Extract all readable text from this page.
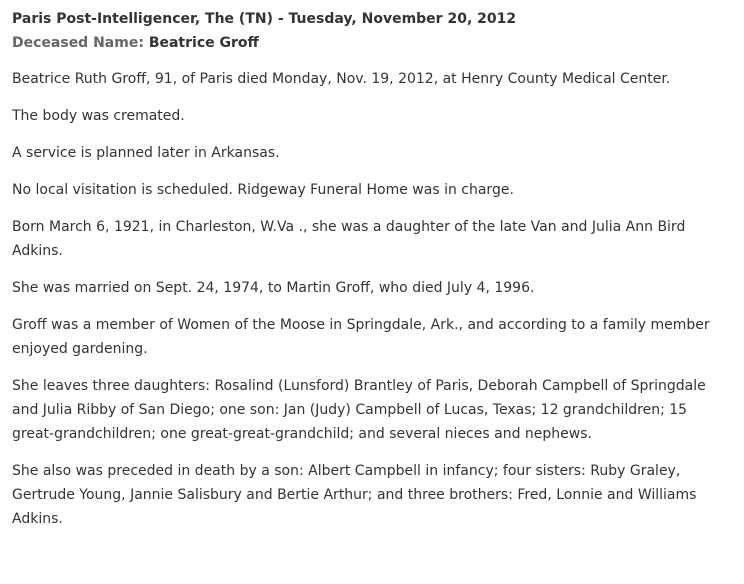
Paris Post-Intelligencer, The (TN) - Tuesday, November 20, 2012
Deceased Name: Beatrice Groff

Beatrice Ruth Groff, 91, of Paris died Monday, Nov. 19, 2012, at Henry County Medical Center.

The body was cremated.

A service is planned later in Arkansas.

No local visitation is scheduled. Ridgeway Funeral Home was in charge.

Born March 6, 1921, in Charleston, W.Va ., she was a daughter of the late Van and Julia Ann Bird Adkins.

She was married on Sept. 24, 1974, to Martin Groff, who died July 4, 1996.

Groff was a member of Women of the Moose in Springdale, Ark., and according to a family member enjoyed gardening.

She leaves three daughters: Rosalind (Lunsford) Brantley of Paris, Deborah Campbell of Springdale and Julia Ribby of San Diego; one son: Jan (Judy) Campbell of Lucas, Texas; 12 grandchildren; 15 great-grandchildren; one great-great-grandchild; and several nieces and nephews.

She also was preceded in death by a son: Albert Campbell in infancy; four sisters: Ruby Graley, Gertrude Young, Jannie Salisbury and Bertie Arthur; and three brothers: Fred, Lonnie and Williams Adkins.
